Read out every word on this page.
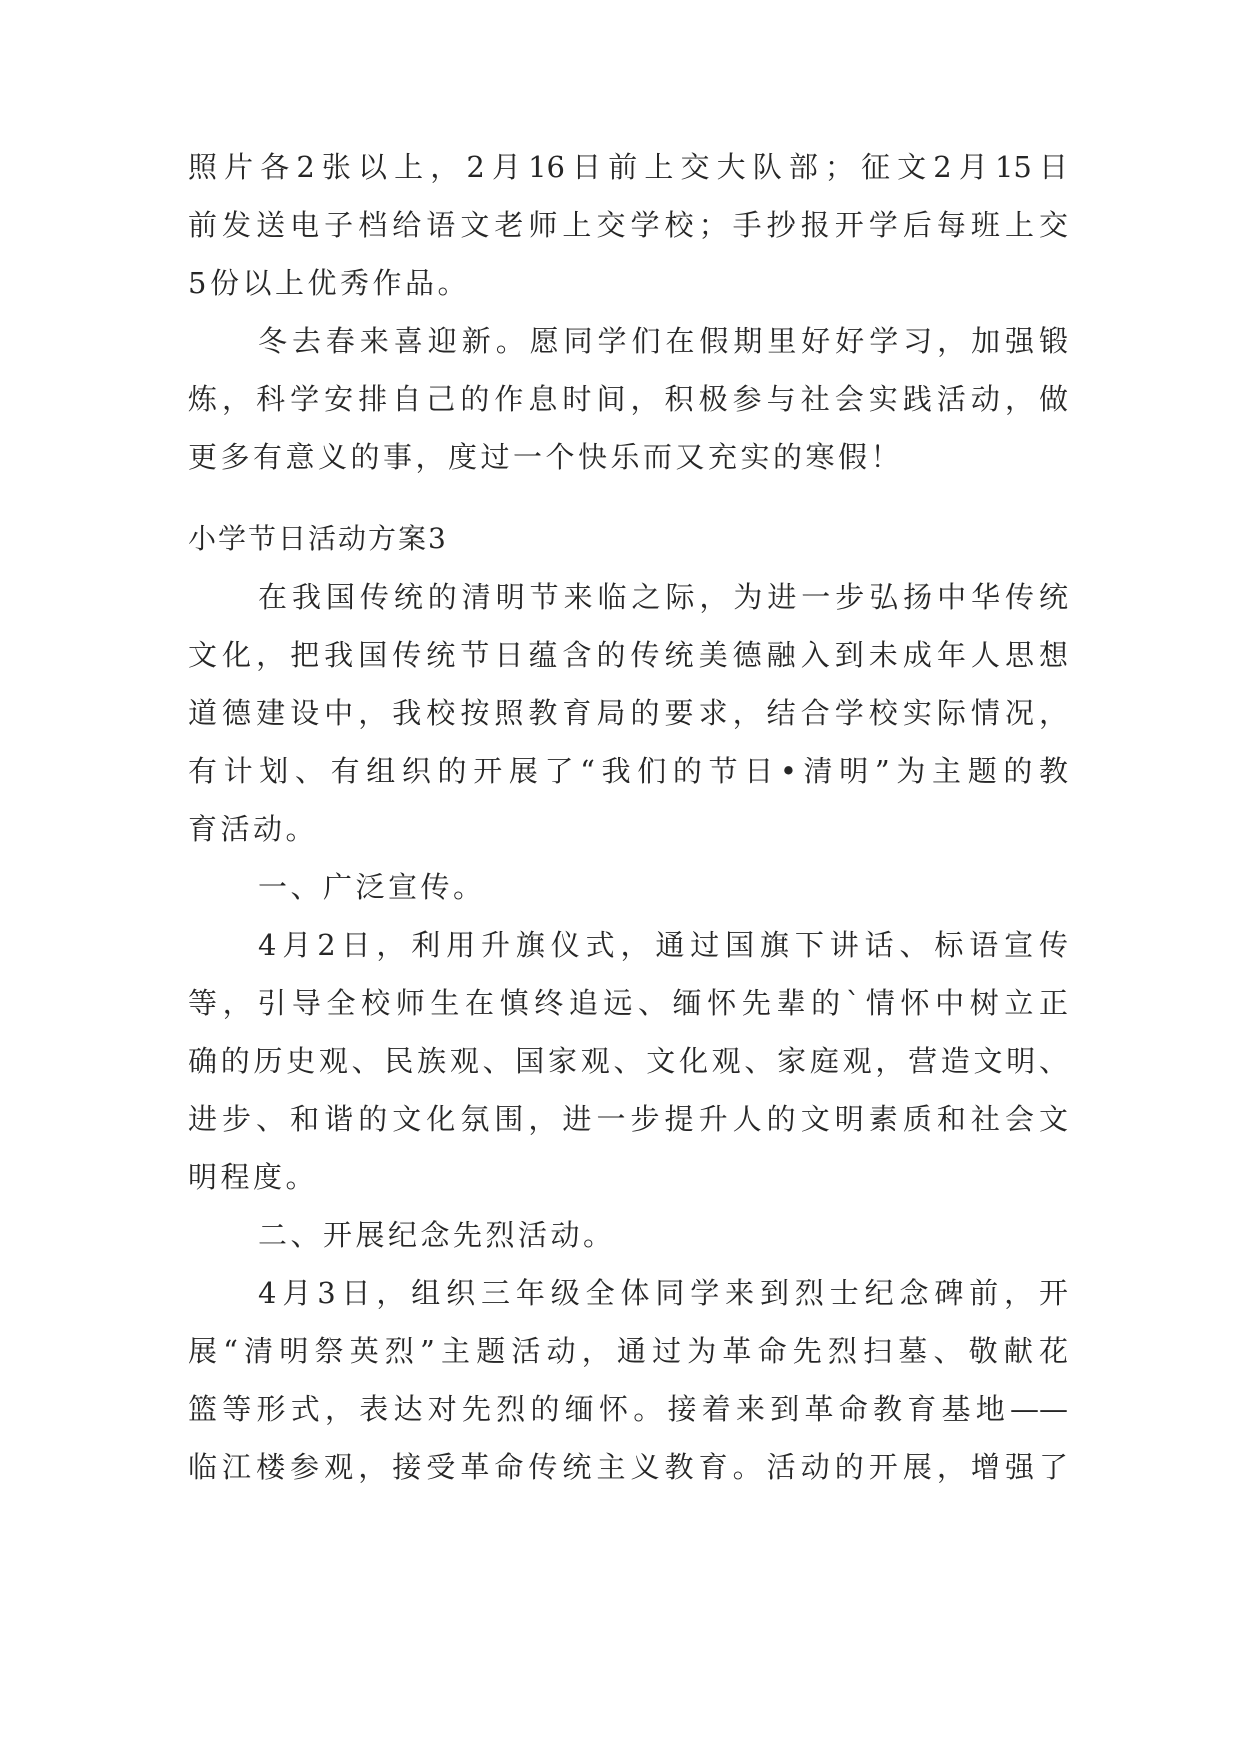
照片各2张以上，2月16日前上交大队部；征文2月15日
前发送电子档给语文老师上交学校；手抄报开学后每班上交
5份以上优秀作品。
冬去春来喜迎新。愿同学们在假期里好好学习，加强锻
炼，科学安排自己的作息时间，积极参与社会实践活动，做
更多有意义的事，度过一个快乐而又充实的寒假！
小学节日活动方案3
在我国传统的清明节来临之际，为进一步弘扬中华传统
文化，把我国传统节日蕴含的传统美德融入到未成年人思想
道德建设中，我校按照教育局的要求，结合学校实际情况，
有计划、有组织的开展了“我们的节日•清明”为主题的教
育活动。
一、广泛宣传。
4月2日，利用升旗仪式，通过国旗下讲话、标语宣传
等，引导全校师生在慎终追远、缅怀先辈的`情怀中树立正
确的历史观、民族观、国家观、文化观、家庭观，营造文明、
进步、和谐的文化氛围，进一步提升人的文明素质和社会文
明程度。
二、开展纪念先烈活动。
4月3日，组织三年级全体同学来到烈士纪念碑前，开
展“清明祭英烈”主题活动，通过为革命先烈扫墓、敬献花
篮等形式，表达对先烈的缅怀。接着来到革命教育基地——
临江楼参观，接受革命传统主义教育。活动的开展，增强了
